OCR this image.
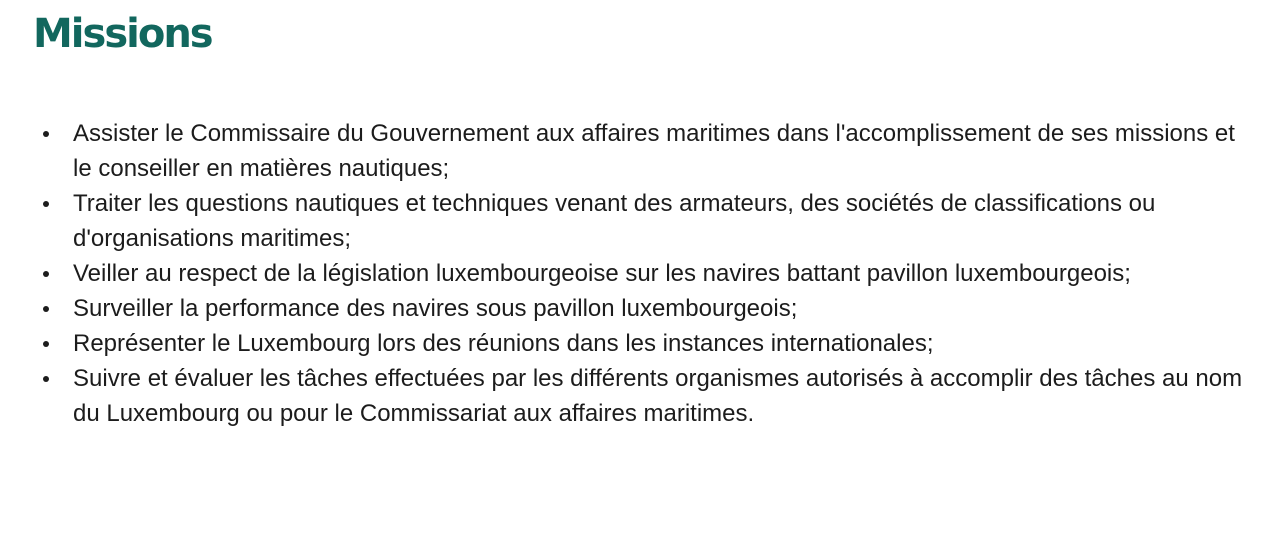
Missions
Assister le Commissaire du Gouvernement aux affaires maritimes dans l'accomplissement de ses missions et le conseiller en matières nautiques;
Traiter les questions nautiques et techniques venant des armateurs, des sociétés de classifications ou d'organisations maritimes;
Veiller au respect de la législation luxembourgeoise sur les navires battant pavillon luxembourgeois;
Surveiller la performance des navires sous pavillon luxembourgeois;
Représenter le Luxembourg lors des réunions dans les instances internationales;
Suivre et évaluer les tâches effectuées par les différents organismes autorisés à accomplir des tâches au nom du Luxembourg ou pour le Commissariat aux affaires maritimes.
